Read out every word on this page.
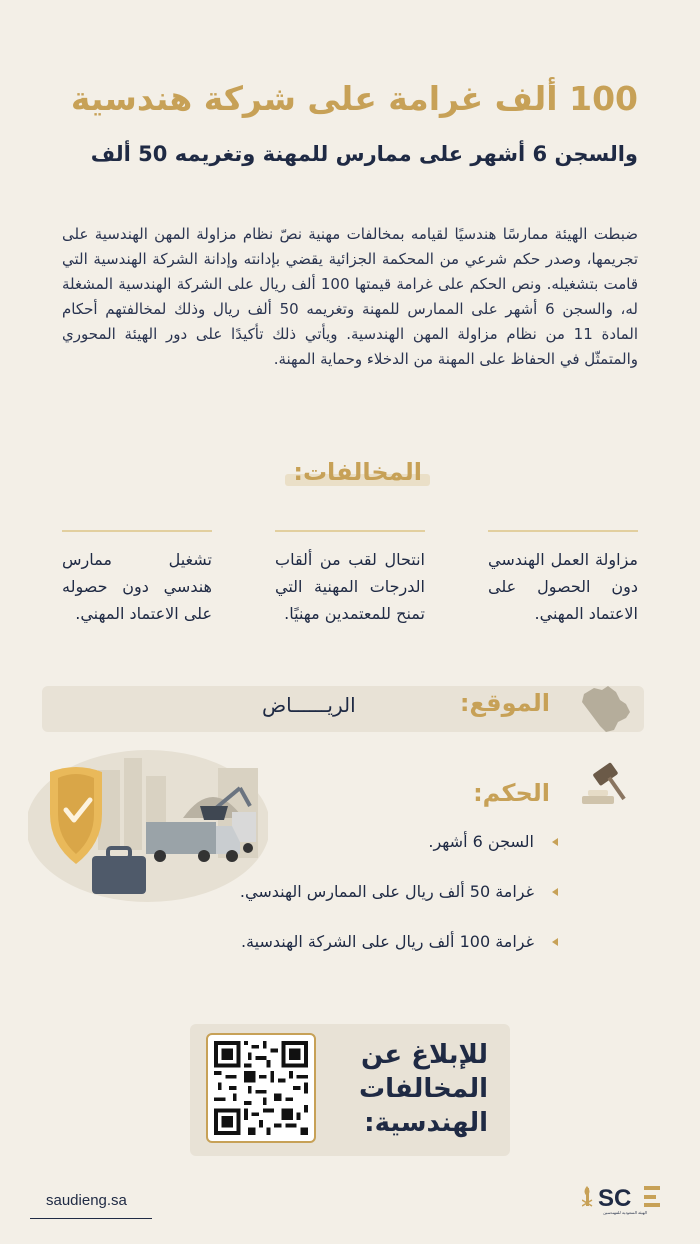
100 ألف غرامة على شركة هندسية
والسجن 6 أشهر على ممارس للمهنة وتغريمه 50 ألف

ضبطت الهيئة ممارسًا هندسيًا لقيامه بمخالفات مهنية نصّ نظام مزاولة المهن الهندسية على تجريمها، وصدر حكم شرعي من المحكمة الجزائية يقضي بإدانته وإدانة الشركة الهندسية التي قامت بتشغيله. ونص الحكم على غرامة قيمتها 100 ألف ريال على الشركة الهندسية المشغلة له، والسجن 6 أشهر على الممارس للمهنة وتغريمه 50 ألف ريال وذلك لمخالفتهم أحكام المادة 11 من نظام مزاولة المهن الهندسية. ويأتي ذلك تأكيدًا على دور الهيئة المحوري والمتمثّل في الحفاظ على المهنة من الدخلاء وحماية المهنة.

المخالفات:
مزاولة العمل الهندسي دون الحصول على الاعتماد المهني.
انتحال لقب من ألقاب الدرجات المهنية التي تمنح للمعتمدين مهنيًا.
تشغيل ممارس هندسي دون حصوله على الاعتماد المهني.
الموقع:
الريــــــاض
الحكم:
السجن 6 أشهر.
غرامة 50 ألف ريال على الممارس الهندسي.
غرامة 100 ألف ريال على الشركة الهندسية.
للإبلاغ عن المخالفات الهندسية:
saudieng.sa	SC
الهيئة السعودية للمهندسين
